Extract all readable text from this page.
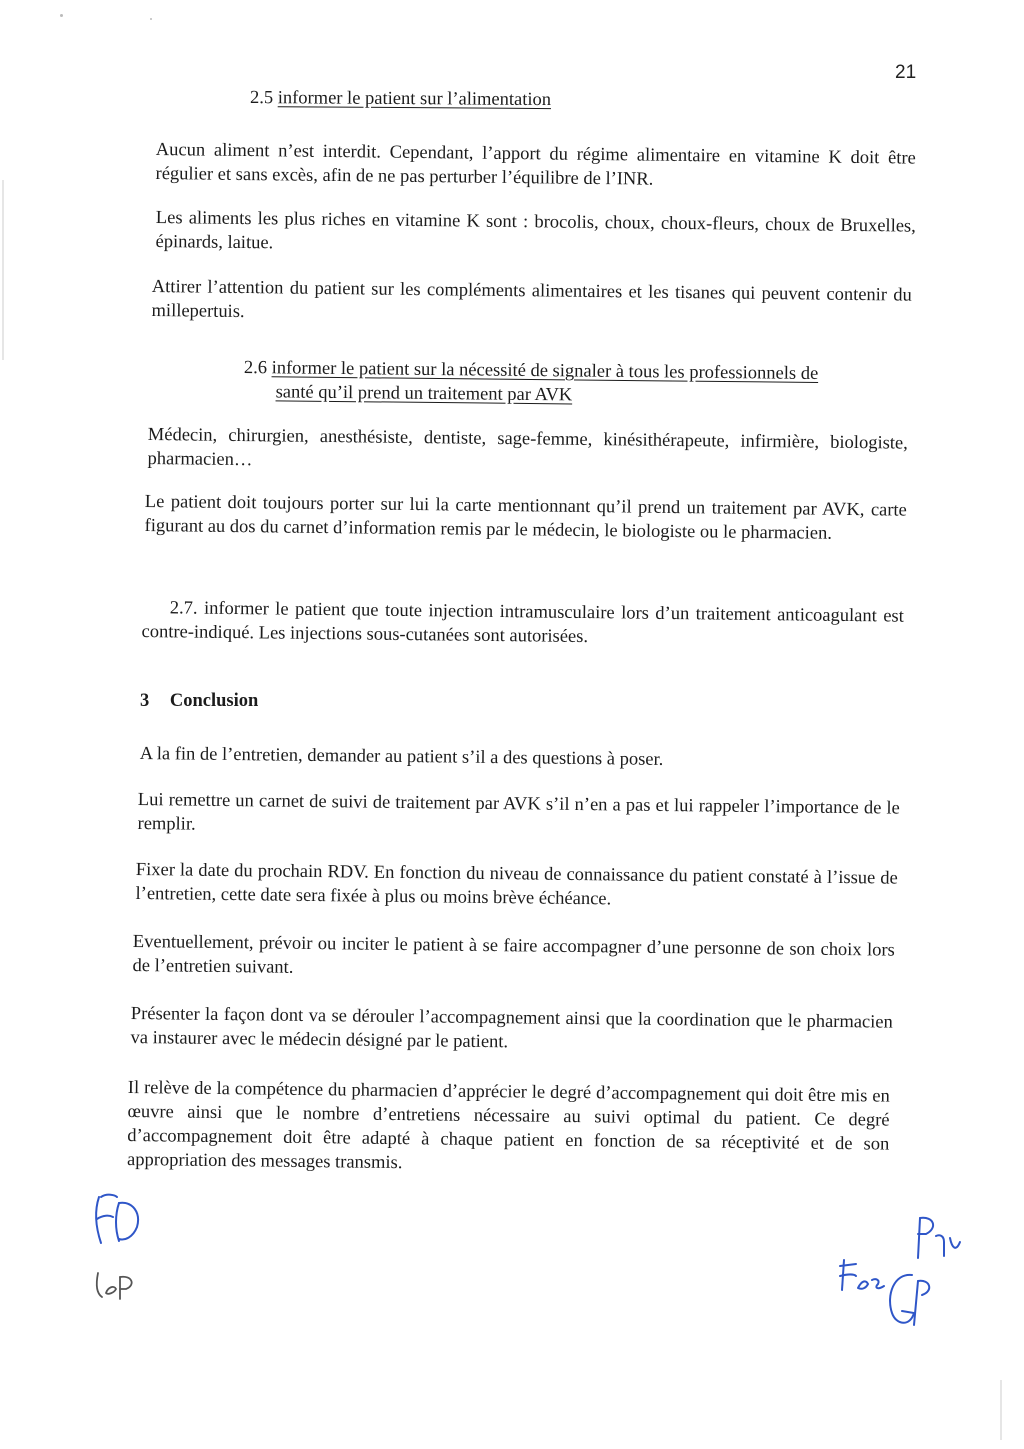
21
2.5 informer le patient sur l’alimentation
Aucun aliment n’est interdit. Cependant, l’apport du régime alimentaire en vitamine K doit être régulier et sans excès, afin de ne pas perturber l’équilibre de l’INR.
Les aliments les plus riches en vitamine K sont : brocolis, choux, choux-fleurs, choux de Bruxelles, épinards, laitue.
Attirer l’attention du patient sur les compléments alimentaires et les tisanes qui peuvent contenir du millepertuis.
2.6 informer le patient sur la nécessité de signaler à tous les professionnels de
santé qu’il prend un traitement par AVK
Médecin, chirurgien, anesthésiste, dentiste, sage-femme, kinésithérapeute, infirmière, biologiste, pharmacien…
Le patient doit toujours porter sur lui la carte mentionnant qu’il prend un traitement par AVK, carte figurant au dos du carnet d’information remis par le médecin, le biologiste ou le pharmacien.
2.7. informer le patient que toute injection intramusculaire lors d’un traitement anticoagulant est contre-indiqué. Les injections sous-cutanées sont autorisées.
3 Conclusion
A la fin de l’entretien, demander au patient s’il a des questions à poser.
Lui remettre un carnet de suivi de traitement par AVK s’il n’en a pas et lui rappeler l’importance de le remplir.
Fixer la date du prochain RDV. En fonction du niveau de connaissance du patient constaté à l’issue de l’entretien, cette date sera fixée à plus ou moins brève échéance.
Eventuellement, prévoir ou inciter le patient à se faire accompagner d’une personne de son choix lors de l’entretien suivant.
Présenter la façon dont va se dérouler l’accompagnement ainsi que la coordination que le pharmacien va instaurer avec le médecin désigné par le patient.
Il relève de la compétence du pharmacien d’apprécier le degré d’accompagnement qui doit être mis en œuvre ainsi que le nombre d’entretiens nécessaire au suivi optimal du patient. Ce degré d’accompagnement doit être adapté à chaque patient en fonction de sa réceptivité et de son appropriation des messages transmis.
